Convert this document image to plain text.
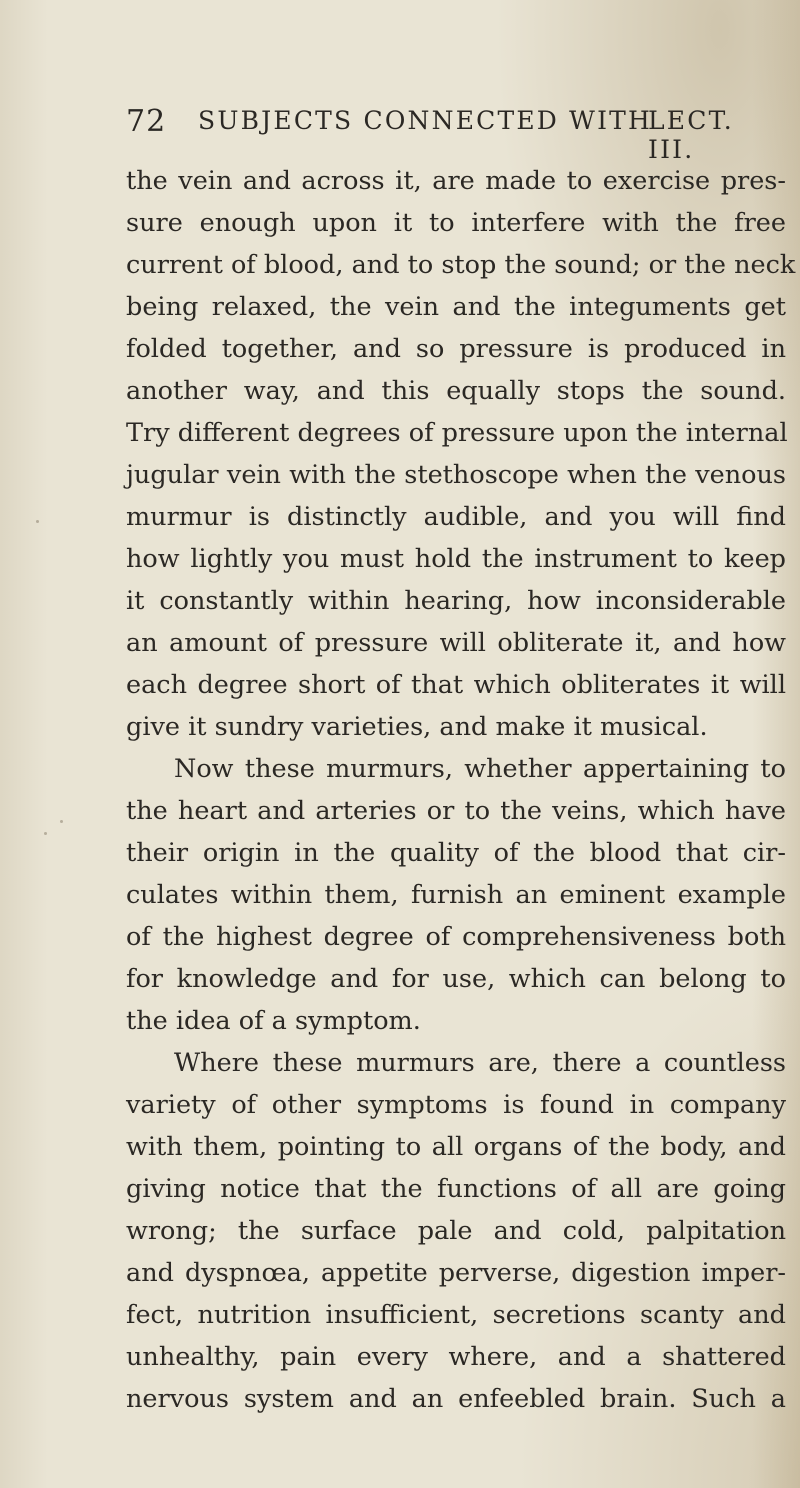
72 SUBJECTS CONNECTED WITH
LECT. III.
the vein and across it, are made to exercise pres-
sure enough upon it to interfere with the free
current of blood, and to stop the sound; or the neck
being relaxed, the vein and the integuments get
folded together, and so pressure is produced in
another way, and this equally stops the sound.
Try different degrees of pressure upon the internal
jugular vein with the stethoscope when the venous
murmur is distinctly audible, and you will find
how lightly you must hold the instrument to keep
it constantly within hearing, how inconsiderable
an amount of pressure will obliterate it, and how
each degree short of that which obliterates it will
give it sundry varieties, and make it musical.
Now these murmurs, whether appertaining to
the heart and arteries or to the veins, which have
their origin in the quality of the blood that cir-
culates within them, furnish an eminent example
of the highest degree of comprehensiveness both
for knowledge and for use, which can belong to
the idea of a symptom.
Where these murmurs are, there a countless
variety of other symptoms is found in company
with them, pointing to all organs of the body, and
giving notice that the functions of all are going
wrong; the surface pale and cold, palpitation
and dyspnœa, appetite perverse, digestion imper-
fect, nutrition insufficient, secretions scanty and
unhealthy, pain every where, and a shattered
nervous system and an enfeebled brain. Such a
